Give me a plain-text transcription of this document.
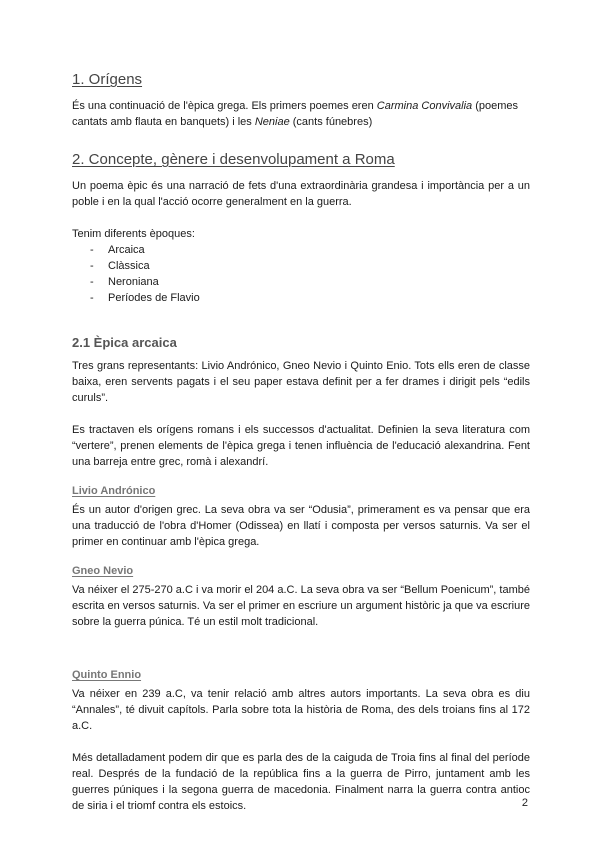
1. Orígens

És una continuació de l'èpica grega. Els primers poemes eren Carmina Convivalia (poemes cantats amb flauta en banquets) i les Neniae (cants fúnebres)

2. Concepte, gènere i desenvolupament a Roma

Un poema èpic és una narració de fets d'una extraordinària grandesa i importància per a un poble i en la qual l'acció ocorre generalment en la guerra.

Tenim diferents èpoques:

- Arcaica
- Clàssica
- Neroniana
- Períodes de Flavio
2.1 Èpica arcaica

Tres grans representants: Livio Andrónico, Gneo Nevio i Quinto Enio. Tots ells eren de classe baixa, eren servents pagats i el seu paper estava definit per a fer drames i dirigit pels “edils curuls”.

Es tractaven els orígens romans i els successos d'actualitat. Definien la seva literatura com “vertere”, prenen elements de l'èpica grega i tenen influència de l'educació alexandrina. Fent una barreja entre grec, romà i alexandrí.

Livio Andrónico

És un autor d'origen grec. La seva obra va ser “Odusia”, primerament es va pensar que era una traducció de l'obra d'Homer (Odissea) en llatí i composta per versos saturnis. Va ser el primer en continuar amb l'èpica grega.

Gneo Nevio

Va néixer el 275-270 a.C i va morir el 204 a.C. La seva obra va ser “Bellum Poenicum”, també escrita en versos saturnis. Va ser el primer en escriure un argument històric ja que va escriure sobre la guerra púnica. Té un estil molt tradicional.

Quinto Ennio

Va néixer en 239 a.C, va tenir relació amb altres autors importants. La seva obra es diu “Annales”, té divuit capítols. Parla sobre tota la història de Roma, des dels troians fins al 172 a.C.

Més detalladament podem dir que es parla des de la caiguda de Troia fins al final del període real. Després de la fundació de la república fins a la guerra de Pirro, juntament amb les guerres púniques i la segona guerra de macedonia. Finalment narra la guerra contra antioc de siria i el triomf contra els estoics.	2
